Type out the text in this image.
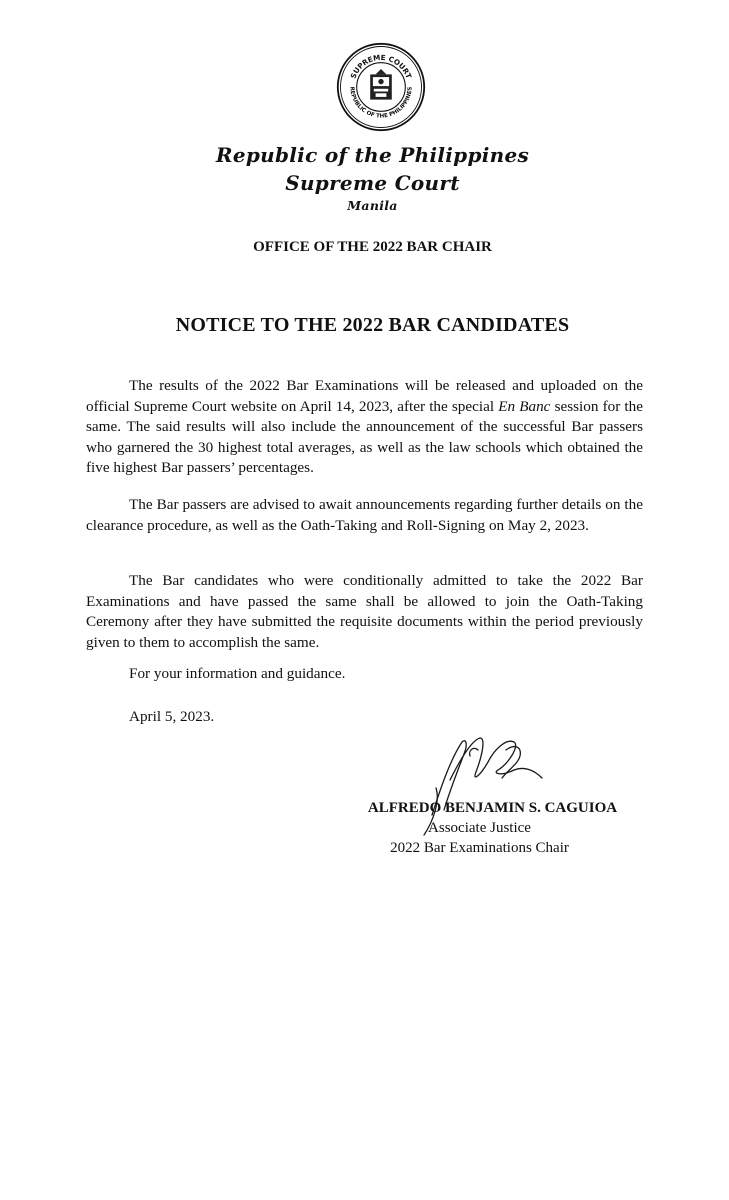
SUPREME COURT
REPUBLIC OF THE PHILIPPINES
Republic of the Philippines
Supreme Court
Manila
OFFICE OF THE 2022 BAR CHAIR
NOTICE TO THE 2022 BAR CANDIDATES

The results of the 2022 Bar Examinations will be released and uploaded on the official Supreme Court website on April 14, 2023, after the special En Banc session for the same. The said results will also include the announcement of the successful Bar passers who garnered the 30 highest total averages, as well as the law schools which obtained the five highest Bar passers’ percentages.

The Bar passers are advised to await announcements regarding further details on the clearance procedure, as well as the Oath-Taking and Roll-Signing on May 2, 2023.

The Bar candidates who were conditionally admitted to take the 2022 Bar Examinations and have passed the same shall be allowed to join the Oath-Taking Ceremony after they have submitted the requisite documents within the period previously given to them to accomplish the same.

For your information and guidance.

April 5, 2023.

ALFREDO BENJAMIN S. CAGUIOA

Associate Justice

2022 Bar Examinations Chair
